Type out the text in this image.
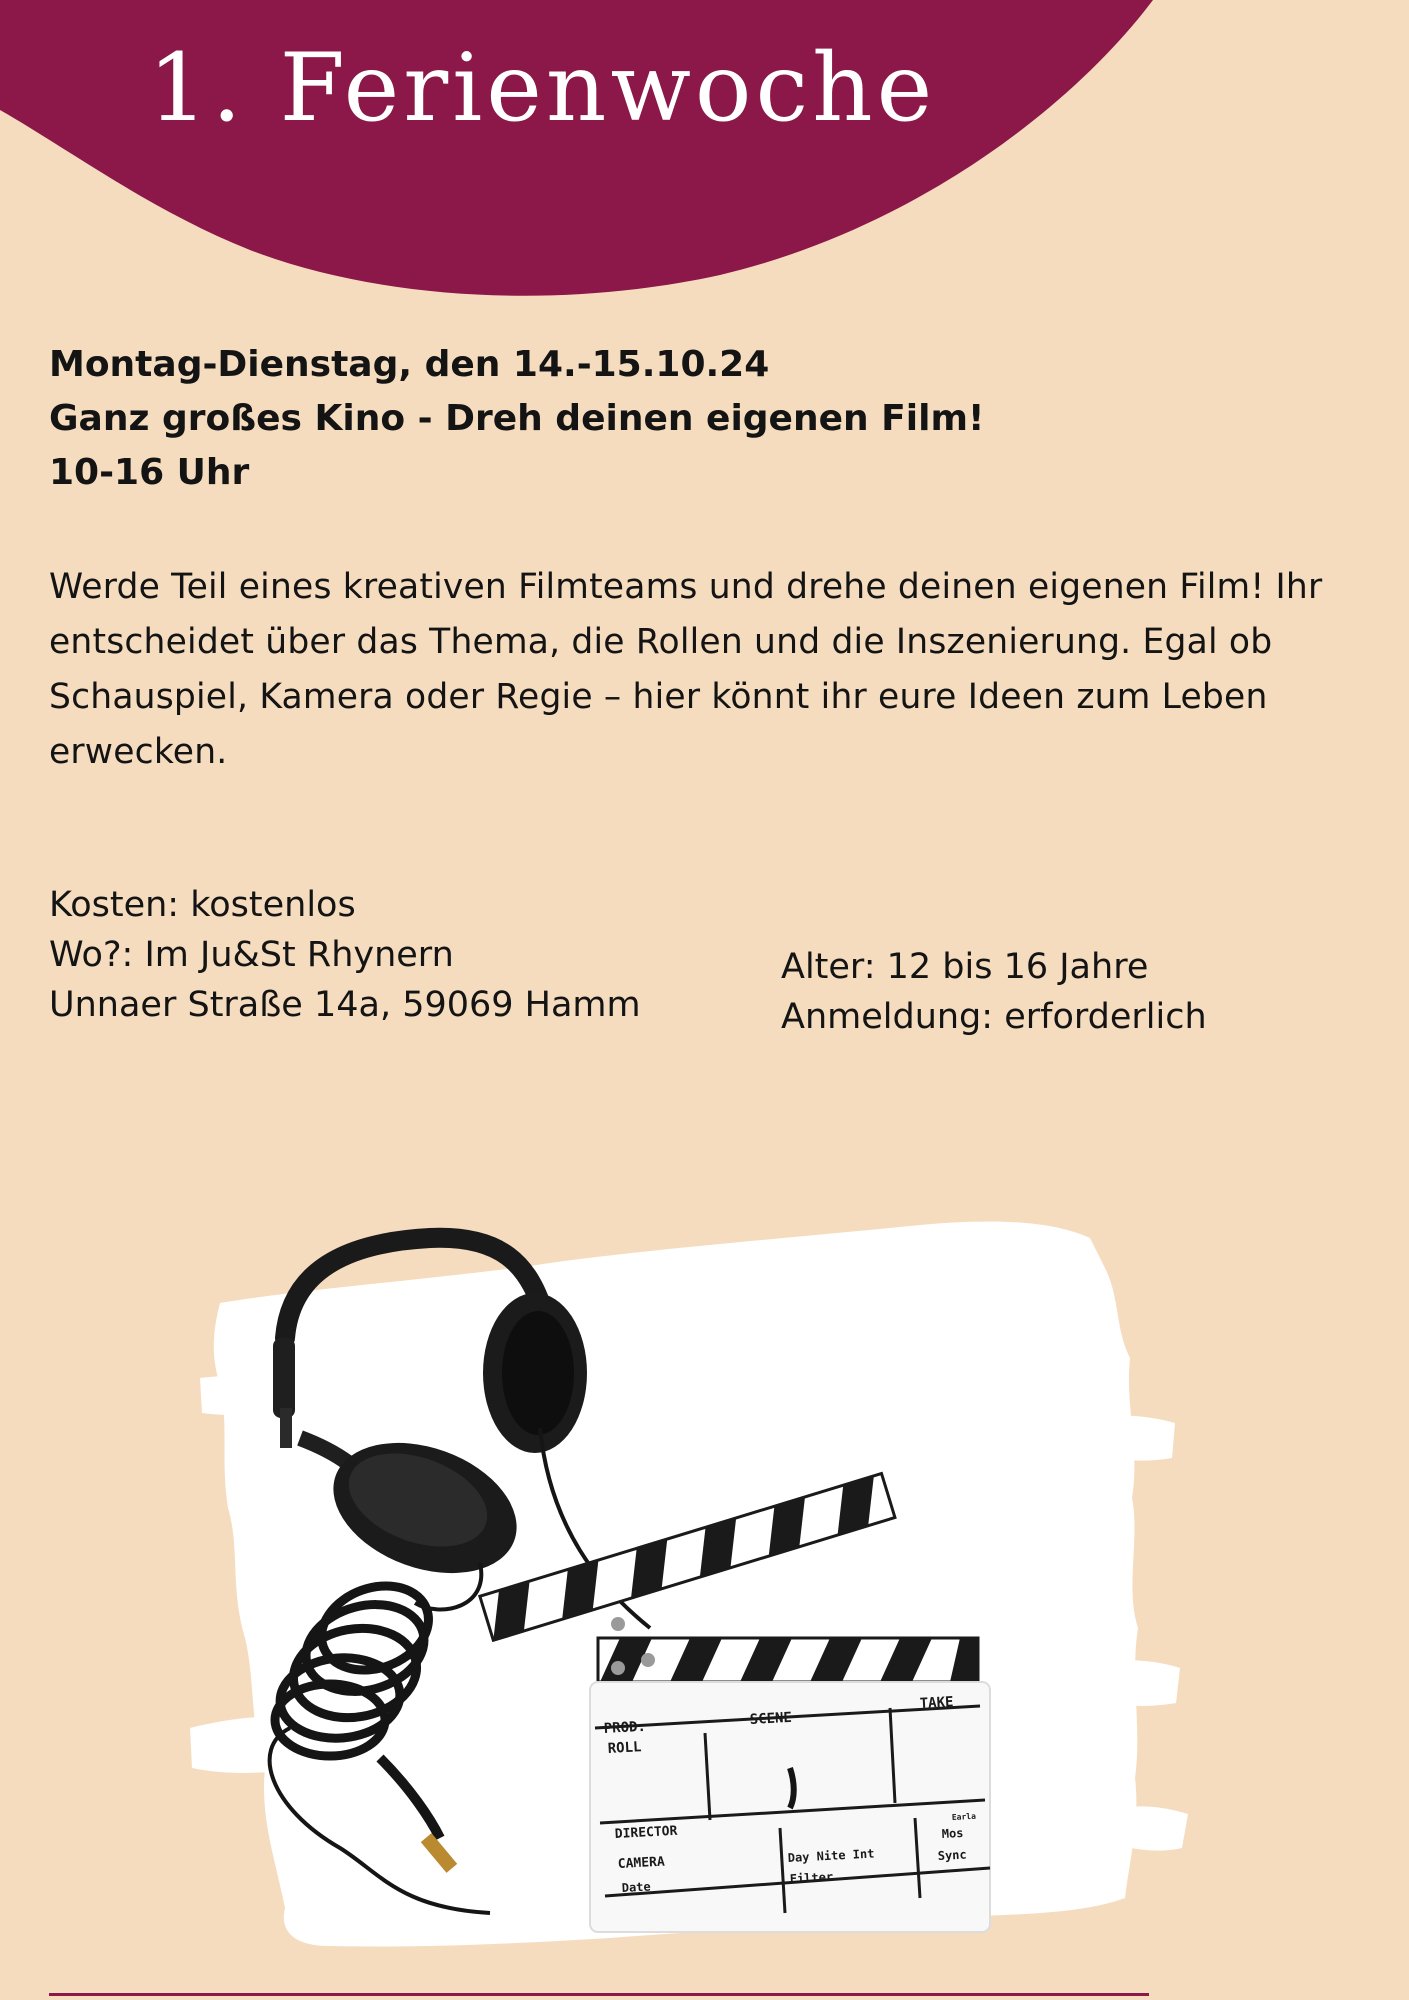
1. Ferienwoche
Montag-Dienstag, den 14.-15.10.24
Ganz großes Kino - Dreh deinen eigenen Film!
10-16 Uhr

Werde Teil eines kreativen Filmteams und drehe deinen eigenen Film! Ihr entscheidet über das Thema, die Rollen und die Inszenierung. Egal ob Schauspiel, Kamera oder Regie – hier könnt ihr eure Ideen zum Leben erwecken.

Kosten: kostenlos
Wo?: Im Ju&St Rhynern
Unnaer Straße 14a, 59069 Hamm
Alter: 12 bis 16 Jahre
Anmeldung: erforderlich
PROD.
ROLL
SCENE
TAKE
DIRECTOR
CAMERA
Date
Day Nite Int
Filter
Earla
Mos
Sync
